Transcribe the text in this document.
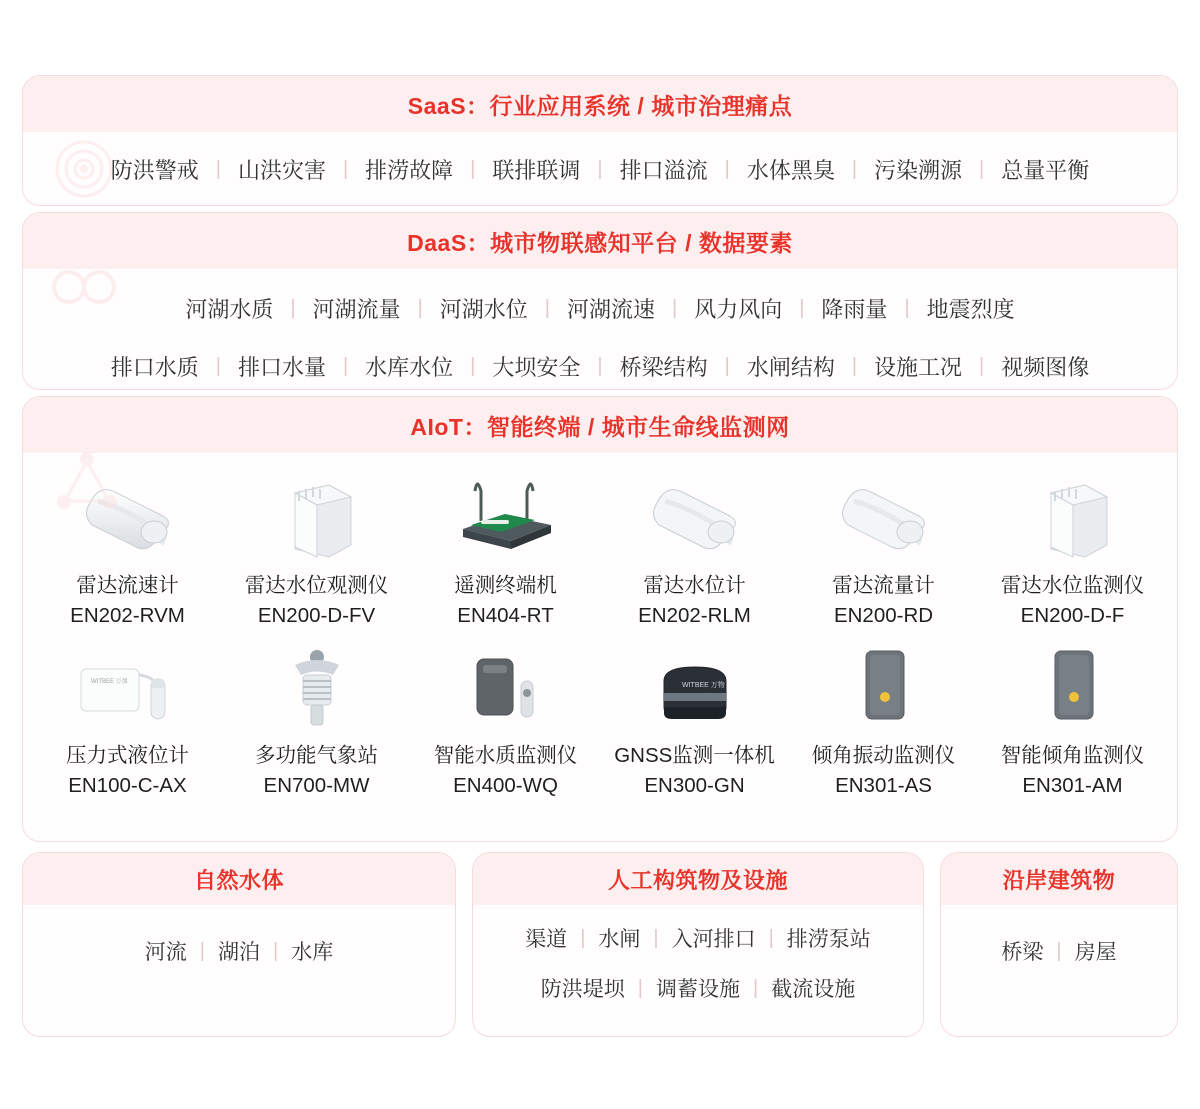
SaaS：行业应用系统 / 城市治理痛点
防洪警戒 | 山洪灾害 | 排涝故障 | 联排联调 | 排口溢流 | 水体黑臭 | 污染溯源 | 总量平衡
DaaS：城市物联感知平台 / 数据要素
河湖水质 | 河湖流量 | 河湖水位 | 河湖流速 | 风力风向 | 降雨量 | 地震烈度
排口水质 | 排口水量 | 水库水位 | 大坝安全 | 桥梁结构 | 水闸结构 | 设施工况 | 视频图像
AIoT：智能终端 / 城市生命线监测网
雷达流速计
EN202-RVM
雷达水位观测仪
EN200-D-FV
遥测终端机
EN404-RT
雷达水位计
EN202-RLM
雷达流量计
EN200-RD
雷达水位监测仪
EN200-D-F
WITBEE 万加
压力式液位计
EN100-C-AX
多功能气象站
EN700-MW
智能水质监测仪
EN400-WQ
WITBEE 万物
GNSS监测一体机
EN300-GN
倾角振动监测仪
EN301-AS
智能倾角监测仪
EN301-AM
自然水体
河流 | 湖泊 | 水库
人工构筑物及设施
渠道 | 水闸 | 入河排口 | 排涝泵站
防洪堤坝 | 调蓄设施 | 截流设施
沿岸建筑物
桥梁 | 房屋
